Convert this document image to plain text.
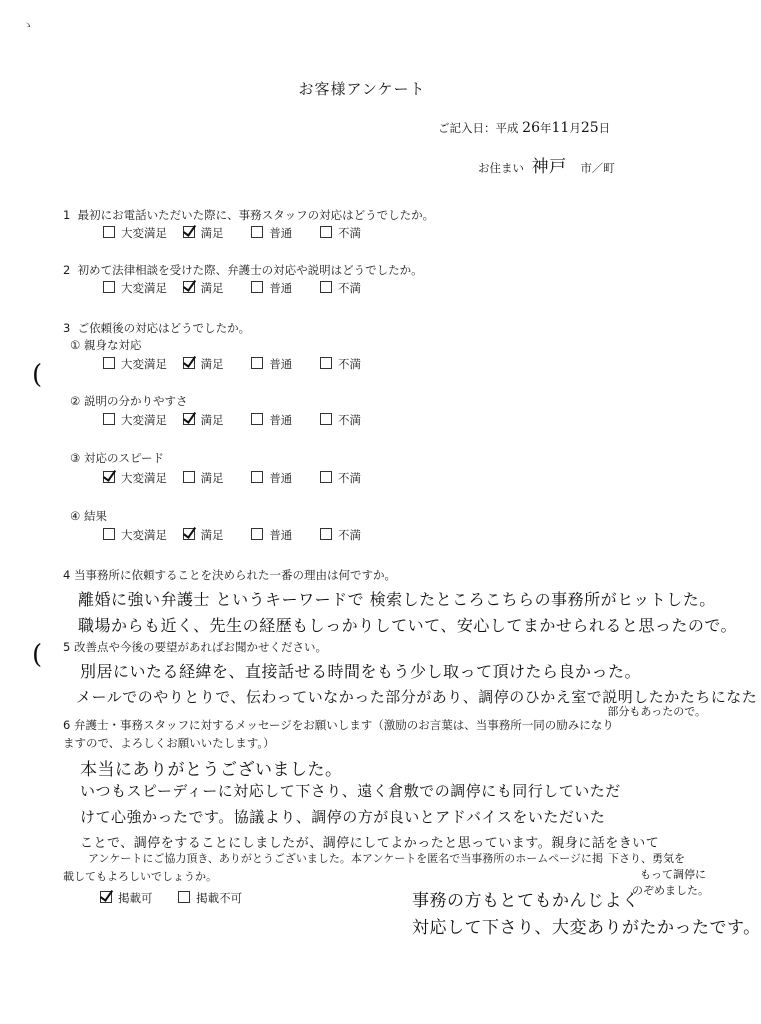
ゝ
お客様アンケート
ご記入日：平成 26年11月25日
お住まい 神戸 市／町
1 最初にお電話いただいた際に、事務スタッフの対応はどうでしたか。
大変満足	満足	普通	不満
2 初めて法律相談を受けた際、弁護士の対応や説明はどうでしたか。
大変満足	満足	普通	不満
3 ご依頼後の対応はどうでしたか。
① 親身な対応
大変満足	満足	普通	不満
② 説明の分かりやすさ
大変満足	満足	普通	不満
③ 対応のスピード
大変満足	満足	普通	不満
④ 結果
大変満足	満足	普通	不満
(
(
4 当事務所に依頼することを決められた一番の理由は何ですか。
離婚に強い弁護士 というキーワードで 検索したところこちらの事務所がヒットした。
職場からも近く、先生の経歴もしっかりしていて、安心してまかせられると思ったので。
5 改善点や今後の要望があればお聞かせください。
別居にいたる経緯を、直接話せる時間をもう少し取って頂けたら良かった。
メールでのやりとりで、伝わっていなかった部分があり、調停のひかえ室で説明したかたちになた
部分もあったので。
6 弁護士・事務スタッフに対するメッセージをお願いします（激励のお言葉は、当事務所一同の励みになり
ますので、よろしくお願いいたします。）
本当にありがとうございました。
いつもスピーディーに対応して下さり、遠く倉敷での調停にも同行していただ
けて心強かったです。協議より、調停の方が良いとアドバイスをいただいた
ことで、調停をすることにしましたが、調停にしてよかったと思っています。親身に話をきいて
アンケートにご協力頂き、ありがとうございました。本アンケートを匿名で当事務所のホームページに掲
載してもよろしいでしょうか。
下さり、勇気を
もって調停に
のぞめました。
掲載可	掲載不可	事務の方もとてもかんじよく
対応して下さり、大変ありがたかったです。
